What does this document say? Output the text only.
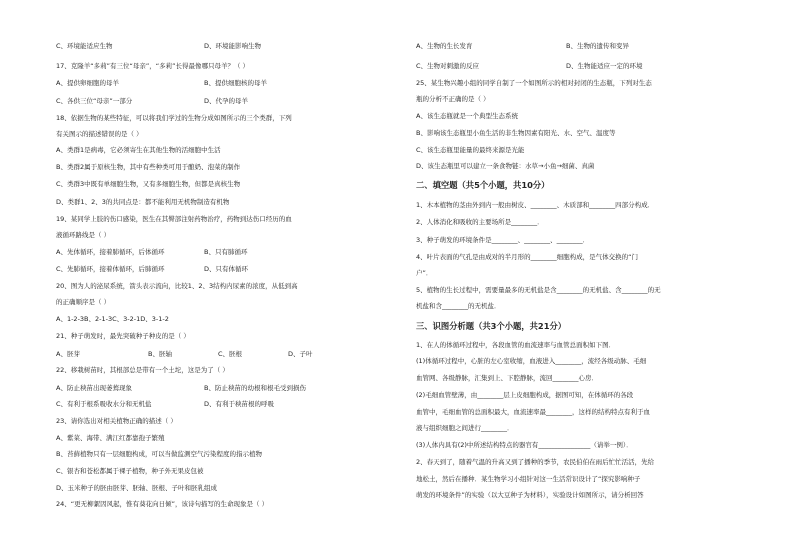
C、环境能适应生物
17、克隆羊“多莉”有三位“母亲”，“多莉”长得最像哪只母羊？（ ）
A、提供卵细胞的母羊
C、各供三位“母亲”一部分
18、依据生物的某些特征，可以将我们学过的生物分成如图所示的三个类群，下列
有关图示的描述错误的是（ ）
A、类群1是病毒，它必须寄生在其他生物的活细胞中生活
B、类群2属于原核生物，其中有些种类可用于酿奶、泡菜的制作
C、类群3中既有单细胞生物，又有多细胞生物，但都是真核生物
D、类群1、2、3的共同点是：都不能利用无机物制造有机物
19、某同学上肢的伤口感染，医生在其臀部注射药物治疗，药物到达伤口经历的血
液循环路线是（ ）
A、先体循环，接着肺循环，后体循环
C、先肺循环，接着体循环，后肺循环
20、图为人的泌尿系统，箭头表示流向，比较1、2、3结构内尿素的浓度，从低到高
的正确顺序是（ ）
A、1-2-3B、2-1-3C、3-2-1D、3-1-2
21、种子萌发时，最先突破种子种皮的是（ ）
A、胚芽
22、移栽树苗时，其根部总是带有一个土坨，这是为了（ ）
A、防止秧苗出现萎蔫现象
C、有利于根系吸收水分和无机盐
23、请你选出对相关植物正确的描述（ ）
A、紫菜、海带、满江红都靠孢子繁殖
B、苔藓植物只有一层细胞构成，可以当做监测空气污染程度的指示植物
C、银杏和苍松都属于裸子植物，种子外无果皮包被
D、玉米种子的胚由胚芽、胚轴、胚根、子叶和胚乳组成
24、“更无柳絮因风起，惟有葵花向日倾”，该诗句描写的生命现象是（ ）
D、环境能影响生物
B、提供细胞核的母羊
D、代孕的母羊
B、只有肺循环
D、只有体循环
B、胚轴	C、胚根	D、子叶
B、防止秧苗的幼根和根毛受到损伤
D、有利于秧苗根的呼吸
A、生物的生长发育
C、生物对刺激的反应
25、某生物兴趣小组的同学自制了一个如图所示的相对封闭的生态瓶，下列对生态
瓶的分析不正确的是（ ）
A、该生态瓶就是一个典型生态系统
B、影响该生态瓶里小鱼生活的非生物因素有阳光、水、空气、温度等
C、该生态瓶里能量的最终来源是光能
D、该生态瓶里可以建立一条食物链：水草→小鱼→细菌、真菌
1、木本植物的茎由外到内一般由树皮、________、木质部和________四部分构成．
2、人体消化和吸收的主要场所是________．
3、种子萌发的环境条件是________、________、________．
4、叶片表面的气孔是由成对的半月形的________细胞构成，是气体交换的“门
户”．
5、植物的生长过程中，需要量最多的无机盐是含________的无机盐、含________的无
机盐和含________的无机盐．
1、在人的体循环过程中，各段血管的血流速率与血管总面积如下图．
(1)体循环过程中，心脏的左心室收缩，血液进入________，流经各级动脉、毛细
血管网、各级静脉，汇集到上、下腔静脉，流回________心房．
(2)毛细血管壁薄，由________层上皮细胞构成，据图可知，在体循环的各段
血管中，毛细血管的总面积最大，血流速率最________，这样的结构特点有利于血
液与组织细胞之间进行________．
(3)人体内具有(2)中所述结构特点的器官有________________（请举一例）．
2、春天到了，随着气温的升高又到了播种的季节，农民伯伯在雨后忙忙活活，先给
地松土，然后在播种．某生物学习小组针对这一生活常识设计了“探究影响种子
萌发的环境条件”的实验（以大豆种子为材料），实验设计如图所示，请分析回答
B、生物的遗传和变异
D、生物能适应一定的环境
二、填空题（共5个小题，共10分）
三、识图分析题（共3个小题，共21分）
